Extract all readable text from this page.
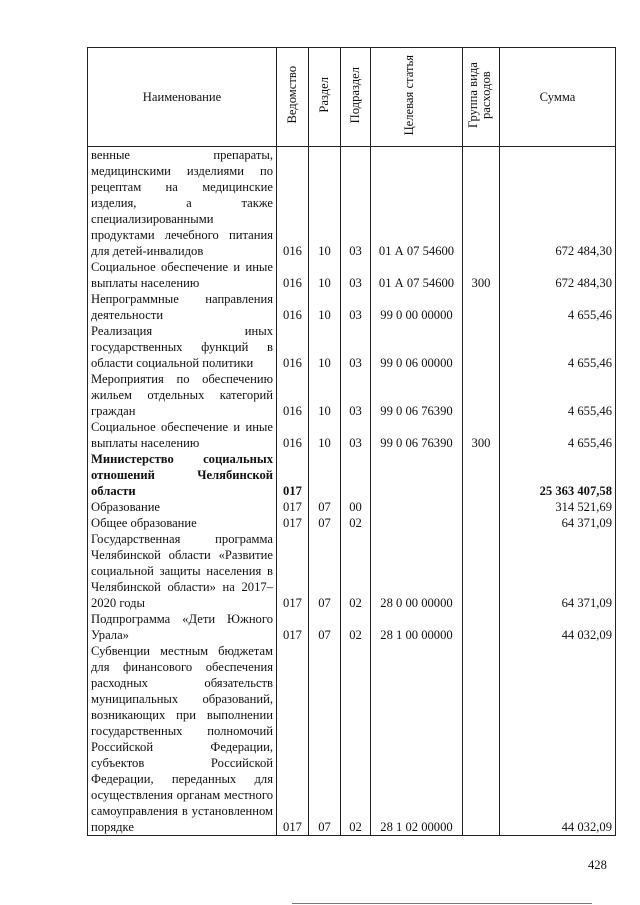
Наименование	Ведомство	Раздел	Подраздел	Целевая статья	Группа вида расходов	Сумма
венные препараты, медицинскими изделиями по рецептам на медицинские изделия, а также специализированными продуктами лечебного питания для детей-инвалидов	016	10	03	01 А 07 54600		672 484,30
Социальное обеспечение и иные выплаты населению	016	10	03	01 А 07 54600	300	672 484,30
Непрограммные направления деятельности	016	10	03	99 0 00 00000		4 655,46
Реализация иных государственных функций в области социальной политики	016	10	03	99 0 06 00000		4 655,46
Мероприятия по обеспечению жильем отдельных категорий граждан	016	10	03	99 0 06 76390		4 655,46
Социальное обеспечение и иные выплаты населению	016	10	03	99 0 06 76390	300	4 655,46
Министерство социальных отношений Челябинской области	017					25 363 407,58
Образование	017	07	00			314 521,69
Общее образование	017	07	02			64 371,09
Государственная программа Челябинской области «Развитие социальной защиты населения в Челябинской области» на 2017–2020 годы	017	07	02	28 0 00 00000		64 371,09
Подпрограмма «Дети Южного Урала»	017	07	02	28 1 00 00000		44 032,09
Субвенции местным бюджетам для финансового обеспечения расходных обязательств муниципальных образований, возникающих при выполнении государственных полномочий Российской Федерации, субъектов Российской Федерации, переданных для осуществления органам местного самоуправления в установленном порядке	017	07	02	28 1 02 00000		44 032,09
428
